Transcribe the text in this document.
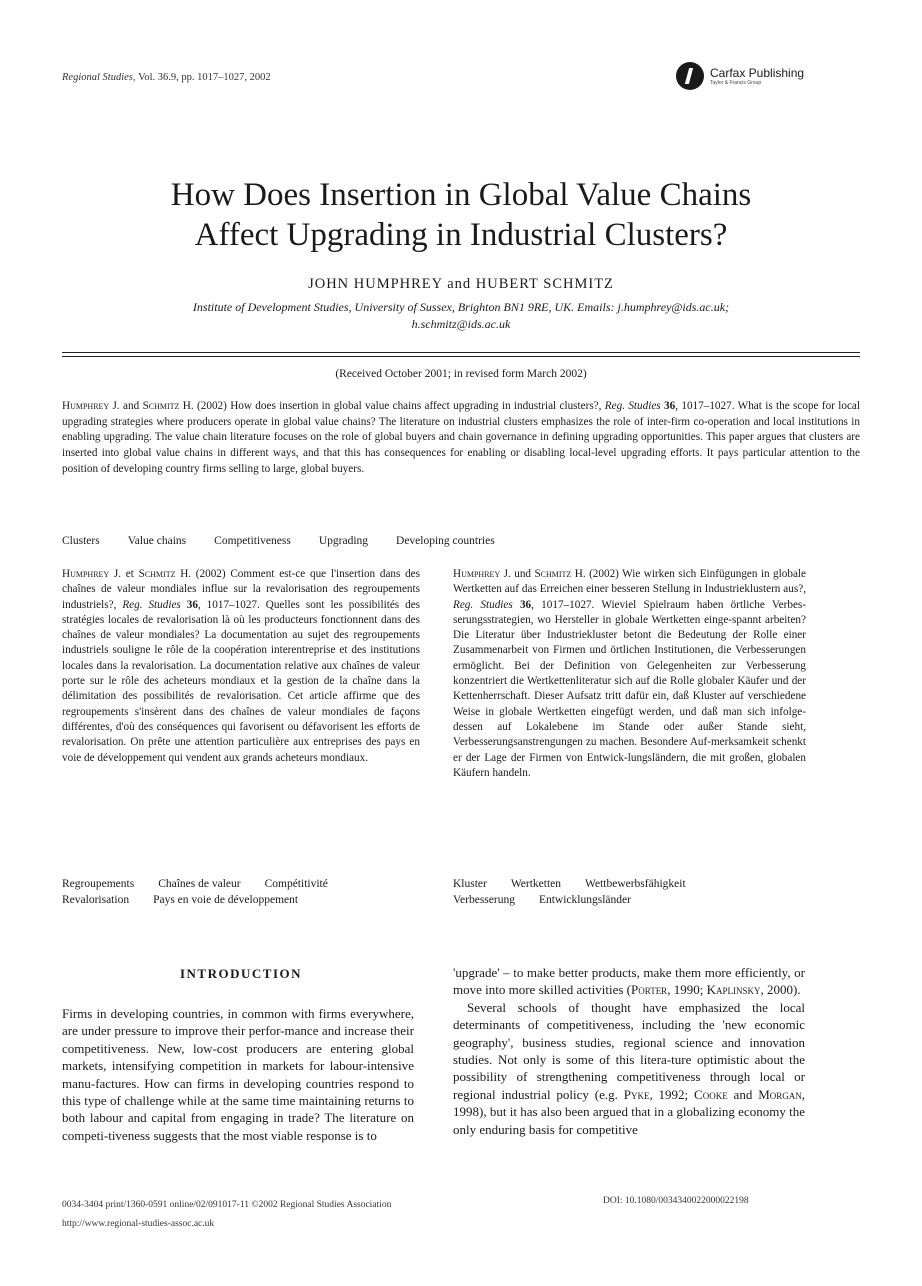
Regional Studies, Vol. 36.9, pp. 1017–1027, 2002	Carfax Publishing
Taylor & Francis Group
How Does Insertion in Global Value Chains
Affect Upgrading in Industrial Clusters?
JOHN HUMPHREY and HUBERT SCHMITZ
Institute of Development Studies, University of Sussex, Brighton BN1 9RE, UK. Emails: j.humphrey@ids.ac.uk;
h.schmitz@ids.ac.uk
(Received October 2001; in revised form March 2002)
Humphrey J. and Schmitz H. (2002) How does insertion in global value chains affect upgrading in industrial clusters?, Reg. Studies 36, 1017–1027. What is the scope for local upgrading strategies where producers operate in global value chains? The literature on industrial clusters emphasizes the role of inter-firm co-operation and local institutions in enabling upgrading. The value chain literature focuses on the role of global buyers and chain governance in defining upgrading opportunities. This paper argues that clusters are inserted into global value chains in different ways, and that this has consequences for enabling or disabling local-level upgrading efforts. It pays particular attention to the position of developing country firms selling to large, global buyers.
Clusters Value chains Competitiveness Upgrading Developing countries
Humphrey J. et Schmitz H. (2002) Comment est-ce que l'insertion dans des chaînes de valeur mondiales influe sur la revalorisation des regroupements industriels?, Reg. Studies 36, 1017–1027. Quelles sont les possibilités des stratégies locales de revalorisation là où les producteurs fonctionnent dans des chaînes de valeur mondiales? La documentation au sujet des regroupements industriels souligne le rôle de la coopération interentreprise et des institutions locales dans la revalorisation. La documentation relative aux chaînes de valeur porte sur le rôle des acheteurs mondiaux et la gestion de la chaîne dans la délimitation des possibilités de revalorisation. Cet article affirme que des regroupements s'insèrent dans des chaînes de valeur mondiales de façons différentes, d'où des conséquences qui favorisent ou défavorisent les efforts de revalorisation. On prête une attention particulière aux entreprises des pays en voie de développement qui vendent aux grands acheteurs mondiaux.
Humphrey J. und Schmitz H. (2002) Wie wirken sich Einfügungen in globale Wertketten auf das Erreichen einer besseren Stellung in Industrieklustern aus?, Reg. Studies 36, 1017–1027. Wieviel Spielraum haben örtliche Verbes-serungsstrategien, wo Hersteller in globale Wertketten einge-spannt arbeiten? Die Literatur über Industriekluster betont die Bedeutung der Rolle einer Zusammenarbeit von Firmen und örtlichen Institutionen, die Verbesserungen ermöglicht. Bei der Definition von Gelegenheiten zur Verbesserung konzentriert die Wertkettenliteratur sich auf die Rolle globaler Käufer und der Kettenherrschaft. Dieser Aufsatz tritt dafür ein, daß Kluster auf verschiedene Weise in globale Wertketten eingefügt werden, und daß man sich infolge-dessen auf Lokalebene im Stande oder außer Stande sieht, Verbesserungsanstrengungen zu machen. Besondere Auf-merksamkeit schenkt er der Lage der Firmen von Entwick-lungsländern, die mit großen, globalen Käufern handeln.
Regroupements Chaînes de valeur Compétitivité
Revalorisation Pays en voie de développement
Kluster Wertketten Wettbewerbsfähigkeit
Verbesserung Entwicklungsländer
INTRODUCTION
Firms in developing countries, in common with firms everywhere, are under pressure to improve their perfor-mance and increase their competitiveness. New, low-cost producers are entering global markets, intensifying competition in markets for labour-intensive manu-factures. How can firms in developing countries respond to this type of challenge while at the same time maintaining returns to both labour and capital from engaging in trade? The literature on competi-tiveness suggests that the most viable response is to

'upgrade' – to make better products, make them more efficiently, or move into more skilled activities (Porter, 1990; Kaplinsky, 2000).

Several schools of thought have emphasized the local determinants of competitiveness, including the 'new economic geography', business studies, regional science and innovation studies. Not only is some of this litera-ture optimistic about the possibility of strengthening competitiveness through local or regional industrial policy (e.g. Pyke, 1992; Cooke and Morgan, 1998), but it has also been argued that in a globalizing economy the only enduring basis for competitive

0034-3404 print/1360-0591 online/02/091017-11 ©2002 Regional Studies Association
http://www.regional-studies-assoc.ac.uk
DOI: 10.1080/0034340022000022198
